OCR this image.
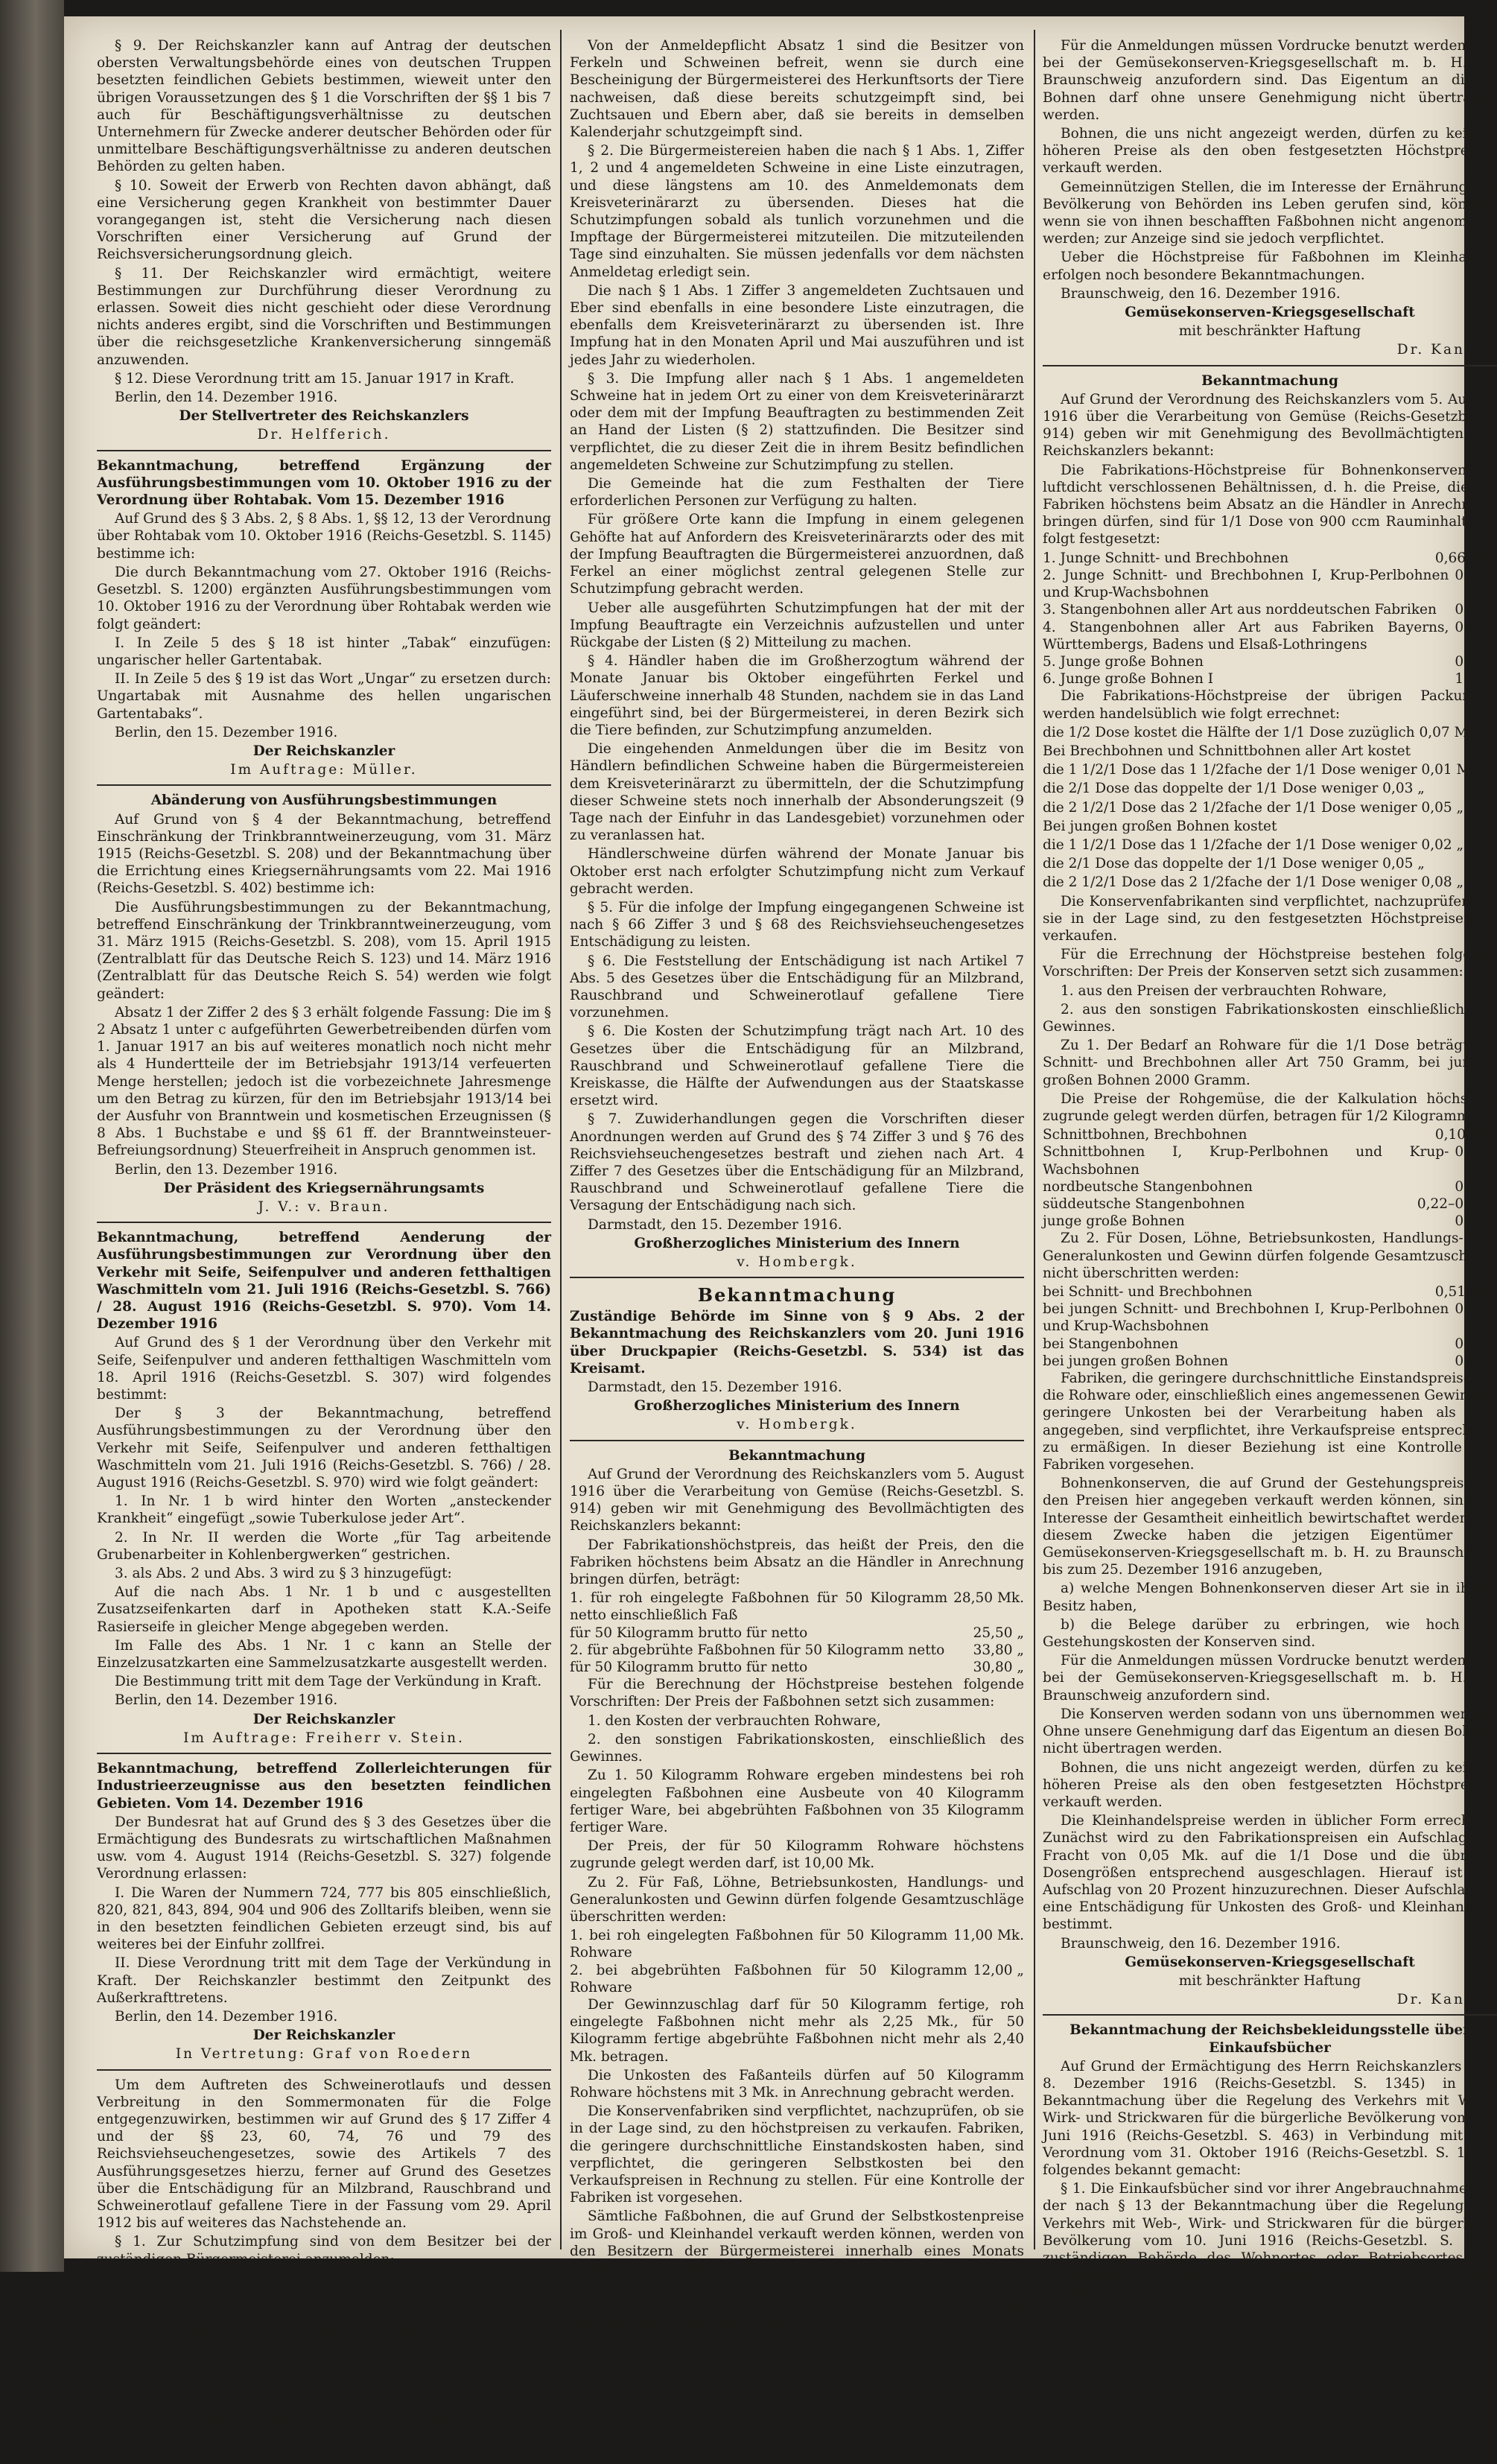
§ 9. Der Reichskanzler kann auf Antrag der deutschen obersten Verwaltungsbehörde eines von deutschen Truppen besetzten feindlichen Gebiets bestimmen, wieweit unter den übrigen Voraussetzungen des § 1 die Vorschriften der §§ 1 bis 7 auch für Beschäftigungsverhältnisse zu deutschen Unternehmern für Zwecke anderer deutscher Behörden oder für unmittelbare Beschäftigungsverhältnisse zu anderen deutschen Behörden zu gelten haben.

§ 10. Soweit der Erwerb von Rechten davon abhängt, daß eine Versicherung gegen Krankheit von bestimmter Dauer vorangegangen ist, steht die Versicherung nach diesen Vorschriften einer Versicherung auf Grund der Reichsversicherungsordnung gleich.

§ 11. Der Reichskanzler wird ermächtigt, weitere Bestimmungen zur Durchführung dieser Verordnung zu erlassen. Soweit dies nicht geschieht oder diese Verordnung nichts anderes ergibt, sind die Vorschriften und Bestimmungen über die reichsgesetzliche Krankenversicherung sinngemäß anzuwenden.

§ 12. Diese Verordnung tritt am 15. Januar 1917 in Kraft.

Berlin, den 14. Dezember 1916.

Der Stellvertreter des Reichskanzlers

Dr. Helfferich.

Bekanntmachung, betreffend Ergänzung der Ausführungsbestimmungen vom 10. Oktober 1916 zu der Verordnung über Rohtabak. Vom 15. Dezember 1916

Auf Grund des § 3 Abs. 2, § 8 Abs. 1, §§ 12, 13 der Verordnung über Rohtabak vom 10. Oktober 1916 (Reichs-Gesetzbl. S. 1145) bestimme ich:

Die durch Bekanntmachung vom 27. Oktober 1916 (Reichs-Gesetzbl. S. 1200) ergänzten Ausführungsbestimmungen vom 10. Oktober 1916 zu der Verordnung über Rohtabak werden wie folgt geändert:

I. In Zeile 5 des § 18 ist hinter „Tabak“ einzufügen: ungarischer heller Gartentabak.

II. In Zeile 5 des § 19 ist das Wort „Ungar“ zu ersetzen durch: Ungartabak mit Ausnahme des hellen ungarischen Gartentabaks“.

Berlin, den 15. Dezember 1916.

Der Reichskanzler

Im Auftrage: Müller.

Abänderung von Ausführungsbestimmungen

Auf Grund von § 4 der Bekanntmachung, betreffend Einschränkung der Trinkbranntweinerzeugung, vom 31. März 1915 (Reichs-Gesetzbl. S. 208) und der Bekanntmachung über die Errichtung eines Kriegsernährungsamts vom 22. Mai 1916 (Reichs-Gesetzbl. S. 402) bestimme ich:

Die Ausführungsbestimmungen zu der Bekanntmachung, betreffend Einschränkung der Trinkbranntweinerzeugung, vom 31. März 1915 (Reichs-Gesetzbl. S. 208), vom 15. April 1915 (Zentralblatt für das Deutsche Reich S. 123) und 14. März 1916 (Zentralblatt für das Deutsche Reich S. 54) werden wie folgt geändert:

Absatz 1 der Ziffer 2 des § 3 erhält folgende Fassung: Die im § 2 Absatz 1 unter c aufgeführten Gewerbetreibenden dürfen vom 1. Januar 1917 an bis auf weiteres monatlich noch nicht mehr als 4 Hundertteile der im Betriebsjahr 1913/14 verfeuerten Menge herstellen; jedoch ist die vorbezeichnete Jahresmenge um den Betrag zu kürzen, für den im Betriebsjahr 1913/14 bei der Ausfuhr von Branntwein und kosmetischen Erzeugnissen (§ 8 Abs. 1 Buchstabe e und §§ 61 ff. der Branntweinsteuer-Befreiungsordnung) Steuerfreiheit in Anspruch genommen ist.

Berlin, den 13. Dezember 1916.

Der Präsident des Kriegsernährungsamts

J. V.: v. Braun.

Bekanntmachung, betreffend Aenderung der Ausführungsbestimmungen zur Verordnung über den Verkehr mit Seife, Seifenpulver und anderen fetthaltigen Waschmitteln vom 21. Juli 1916 (Reichs-Gesetzbl. S. 766) / 28. August 1916 (Reichs-Gesetzbl. S. 970). Vom 14. Dezember 1916

Auf Grund des § 1 der Verordnung über den Verkehr mit Seife, Seifenpulver und anderen fetthaltigen Waschmitteln vom 18. April 1916 (Reichs-Gesetzbl. S. 307) wird folgendes bestimmt:

Der § 3 der Bekanntmachung, betreffend Ausführungsbestimmungen zu der Verordnung über den Verkehr mit Seife, Seifenpulver und anderen fetthaltigen Waschmitteln vom 21. Juli 1916 (Reichs-Gesetzbl. S. 766) / 28. August 1916 (Reichs-Gesetzbl. S. 970) wird wie folgt geändert:

1. In Nr. 1 b wird hinter den Worten „ansteckender Krankheit“ eingefügt „sowie Tuberkulose jeder Art“.

2. In Nr. II werden die Worte „für Tag arbeitende Grubenarbeiter in Kohlenbergwerken“ gestrichen.

3. als Abs. 2 und Abs. 3 wird zu § 3 hinzugefügt:

Auf die nach Abs. 1 Nr. 1 b und c ausgestellten Zusatzseifenkarten darf in Apotheken statt K.A.-Seife Rasierseife in gleicher Menge abgegeben werden.

Im Falle des Abs. 1 Nr. 1 c kann an Stelle der Einzelzusatzkarten eine Sammelzusatzkarte ausgestellt werden.

Die Bestimmung tritt mit dem Tage der Verkündung in Kraft.

Berlin, den 14. Dezember 1916.

Der Reichskanzler

Im Auftrage: Freiherr v. Stein.

Bekanntmachung, betreffend Zollerleichterungen für Industrieerzeugnisse aus den besetzten feindlichen Gebieten. Vom 14. Dezember 1916

Der Bundesrat hat auf Grund des § 3 des Gesetzes über die Ermächtigung des Bundesrats zu wirtschaftlichen Maßnahmen usw. vom 4. August 1914 (Reichs-Gesetzbl. S. 327) folgende Verordnung erlassen:

I. Die Waren der Nummern 724, 777 bis 805 einschließlich, 820, 821, 843, 894, 904 und 906 des Zolltarifs bleiben, wenn sie in den besetzten feindlichen Gebieten erzeugt sind, bis auf weiteres bei der Einfuhr zollfrei.

II. Diese Verordnung tritt mit dem Tage der Verkündung in Kraft. Der Reichskanzler bestimmt den Zeitpunkt des Außerkrafttretens.

Berlin, den 14. Dezember 1916.

Der Reichskanzler

In Vertretung: Graf von Roedern

Um dem Auftreten des Schweinerotlaufs und dessen Verbreitung in den Sommermonaten für die Folge entgegenzuwirken, bestimmen wir auf Grund des § 17 Ziffer 4 und der §§ 23, 60, 74, 76 und 79 des Reichsviehseuchengesetzes, sowie des Artikels 7 des Ausführungsgesetzes hierzu, ferner auf Grund des Gesetzes über die Entschädigung für an Milzbrand, Rauschbrand und Schweinerotlauf gefallene Tiere in der Fassung vom 29. April 1912 bis auf weiteres das Nachstehende an.

§ 1. Zur Schutzimpfung sind von dem Besitzer bei der zuständigen Bürgermeisterei anzumelden:

1. alle in den Monaten Oktober bis Dezember einschließlich geborenen und angekauften Ferkel und Läuferschweine bis zum 5. Januar;

2. alle in einem der Monate Januar bis September geborenen und angekauften Ferkel und Läuferschweine bis zum 5. des darauf folgenden Monats;

3. alle im Lande vorhandenen Zuchtsauen und Eber bis zum 5. April;

4. alle in einem der Monate April bis September in das Land eingeführten Zuchtsauen und Eber bis zum 5. des darauf folgenden Monats;

Von der Anmeldepflicht Absatz 1 sind die Besitzer von Ferkeln und Schweinen befreit, wenn sie durch eine Bescheinigung der Bürgermeisterei des Herkunftsorts der Tiere nachweisen, daß diese bereits schutzgeimpft sind, bei Zuchtsauen und Ebern aber, daß sie bereits in demselben Kalenderjahr schutzgeimpft sind.

§ 2. Die Bürgermeistereien haben die nach § 1 Abs. 1, Ziffer 1, 2 und 4 angemeldeten Schweine in eine Liste einzutragen, und diese längstens am 10. des Anmeldemonats dem Kreisveterinärarzt zu übersenden. Dieses hat die Schutzimpfungen sobald als tunlich vorzunehmen und die Impftage der Bürgermeisterei mitzuteilen. Die mitzuteilenden Tage sind einzuhalten. Sie müssen jedenfalls vor dem nächsten Anmeldetag erledigt sein.

Die nach § 1 Abs. 1 Ziffer 3 angemeldeten Zuchtsauen und Eber sind ebenfalls in eine besondere Liste einzutragen, die ebenfalls dem Kreisveterinärarzt zu übersenden ist. Ihre Impfung hat in den Monaten April und Mai auszuführen und ist jedes Jahr zu wiederholen.

§ 3. Die Impfung aller nach § 1 Abs. 1 angemeldeten Schweine hat in jedem Ort zu einer von dem Kreisveterinärarzt oder dem mit der Impfung Beauftragten zu bestimmenden Zeit an Hand der Listen (§ 2) stattzufinden. Die Besitzer sind verpflichtet, die zu dieser Zeit die in ihrem Besitz befindlichen angemeldeten Schweine zur Schutzimpfung zu stellen.

Die Gemeinde hat die zum Festhalten der Tiere erforderlichen Personen zur Verfügung zu halten.

Für größere Orte kann die Impfung in einem gelegenen Gehöfte hat auf Anfordern des Kreisveterinärarzts oder des mit der Impfung Beauftragten die Bürgermeisterei anzuordnen, daß Ferkel an einer möglichst zentral gelegenen Stelle zur Schutzimpfung gebracht werden.

Ueber alle ausgeführten Schutzimpfungen hat der mit der Impfung Beauftragte ein Verzeichnis aufzustellen und unter Rückgabe der Listen (§ 2) Mitteilung zu machen.

§ 4. Händler haben die im Großherzogtum während der Monate Januar bis Oktober eingeführten Ferkel und Läuferschweine innerhalb 48 Stunden, nachdem sie in das Land eingeführt sind, bei der Bürgermeisterei, in deren Bezirk sich die Tiere befinden, zur Schutzimpfung anzumelden.

Die eingehenden Anmeldungen über die im Besitz von Händlern befindlichen Schweine haben die Bürgermeistereien dem Kreisveterinärarzt zu übermitteln, der die Schutzimpfung dieser Schweine stets noch innerhalb der Absonderungszeit (9 Tage nach der Einfuhr in das Landesgebiet) vorzunehmen oder zu veranlassen hat.

Händlerschweine dürfen während der Monate Januar bis Oktober erst nach erfolgter Schutzimpfung nicht zum Verkauf gebracht werden.

§ 5. Für die infolge der Impfung eingegangenen Schweine ist nach § 66 Ziffer 3 und § 68 des Reichsviehseuchengesetzes Entschädigung zu leisten.

§ 6. Die Feststellung der Entschädigung ist nach Artikel 7 Abs. 5 des Gesetzes über die Entschädigung für an Milzbrand, Rauschbrand und Schweinerotlauf gefallene Tiere vorzunehmen.

§ 6. Die Kosten der Schutzimpfung trägt nach Art. 10 des Gesetzes über die Entschädigung für an Milzbrand, Rauschbrand und Schweinerotlauf gefallene Tiere die Kreiskasse, die Hälfte der Aufwendungen aus der Staatskasse ersetzt wird.

§ 7. Zuwiderhandlungen gegen die Vorschriften dieser Anordnungen werden auf Grund des § 74 Ziffer 3 und § 76 des Reichsviehseuchengesetzes bestraft und ziehen nach Art. 4 Ziffer 7 des Gesetzes über die Entschädigung für an Milzbrand, Rauschbrand und Schweinerotlauf gefallene Tiere die Versagung der Entschädigung nach sich.

Darmstadt, den 15. Dezember 1916.

Großherzogliches Ministerium des Innern

v. Hombergk.

Bekanntmachung

Zuständige Behörde im Sinne von § 9 Abs. 2 der Bekanntmachung des Reichskanzlers vom 20. Juni 1916 über Druckpapier (Reichs-Gesetzbl. S. 534) ist das Kreisamt.

Darmstadt, den 15. Dezember 1916.

Großherzogliches Ministerium des Innern

v. Hombergk.

Bekanntmachung

Auf Grund der Verordnung des Reichskanzlers vom 5. August 1916 über die Verarbeitung von Gemüse (Reichs-Gesetzbl. S. 914) geben wir mit Genehmigung des Bevollmächtigten des Reichskanzlers bekannt:

Der Fabrikationshöchstpreis, das heißt der Preis, den die Fabriken höchstens beim Absatz an die Händler in Anrechnung bringen dürfen, beträgt:

1. für roh eingelegte Faßbohnen für 50 Kilogramm netto einschließlich Faß
28,50 Mk.
für 50 Kilogramm brutto für netto	25,50 „
2. für abgebrühte Faßbohnen für 50 Kilogramm netto	33,80 „
für 50 Kilogramm brutto für netto	30,80 „

Für die Berechnung der Höchstpreise bestehen folgende Vorschriften: Der Preis der Faßbohnen setzt sich zusammen:

1. den Kosten der verbrauchten Rohware,

2. den sonstigen Fabrikationskosten, einschließlich des Gewinnes.

Zu 1. 50 Kilogramm Rohware ergeben mindestens bei roh eingelegten Faßbohnen eine Ausbeute von 40 Kilogramm fertiger Ware, bei abgebrühten Faßbohnen von 35 Kilogramm fertiger Ware.

Der Preis, der für 50 Kilogramm Rohware höchstens zugrunde gelegt werden darf, ist 10,00 Mk.

Zu 2. Für Faß, Löhne, Betriebsunkosten, Handlungs- und Generalunkosten und Gewinn dürfen folgende Gesamtzuschläge überschritten werden:

1. bei roh eingelegten Faßbohnen für 50 Kilogramm Rohware
11,00 Mk.
2. bei abgebrühten Faßbohnen für 50 Kilogramm Rohware
12,00 „

Der Gewinnzuschlag darf für 50 Kilogramm fertige, roh eingelegte Faßbohnen nicht mehr als 2,25 Mk., für 50 Kilogramm fertige abgebrühte Faßbohnen nicht mehr als 2,40 Mk. betragen.

Die Unkosten des Faßanteils dürfen auf 50 Kilogramm Rohware höchstens mit 3 Mk. in Anrechnung gebracht werden.

Die Konservenfabriken sind verpflichtet, nachzuprüfen, ob sie in der Lage sind, zu den höchstpreisen zu verkaufen. Fabriken, die geringere durchschnittliche Einstandskosten haben, sind verpflichtet, die geringeren Selbstkosten bei den Verkaufspreisen in Rechnung zu stellen. Für eine Kontrolle der Fabriken ist vorgesehen.

Sämtliche Faßbohnen, die auf Grund der Selbstkostenpreise im Groß- und Kleinhandel verkauft werden können, werden von den Besitzern der Bürgermeisterei innerhalb eines Monats angemeldet, die bis zum 25. Dezember 1916 anzugeben:

a) welche Mengen Faßbohnen sie in ihrem Besitz haben,

b) die Belege darüber zu erbringen, zu welchen Preisen sie die Faßbohnen erworben haben.

Für die Anmeldungen müssen Vordrucke benutzt werden, die bei der Gemüsekonserven-Kriegsgesellschaft m. b. H. zu Braunschweig anzufordern sind. Das Eigentum an diesen Bohnen darf ohne unsere Genehmigung nicht übertragen werden.

Bohnen, die uns nicht angezeigt werden, dürfen zu keinem höheren Preise als den oben festgesetzten Höchstpreisen verkauft werden.

Gemeinnützigen Stellen, die im Interesse der Ernährung der Bevölkerung von Behörden ins Leben gerufen sind, können, wenn sie von ihnen beschafften Faßbohnen nicht angenommen werden; zur Anzeige sind sie jedoch verpflichtet.

Ueber die Höchstpreise für Faßbohnen im Kleinhandel erfolgen noch besondere Bekanntmachungen.

Braunschweig, den 16. Dezember 1916.

Gemüsekonserven-Kriegsgesellschaft

mit beschränkter Haftung

Dr. Kanter.

Bekanntmachung

Auf Grund der Verordnung des Reichskanzlers vom 5. August 1916 über die Verarbeitung von Gemüse (Reichs-Gesetzbl. S. 914) geben wir mit Genehmigung des Bevollmächtigten des Reichskanzlers bekannt:

Die Fabrikations-Höchstpreise für Bohnenkonserven in luftdicht verschlossenen Behältnissen, d. h. die Preise, die die Fabriken höchstens beim Absatz an die Händler in Anrechnung bringen dürfen, sind für 1/1 Dose von 900 ccm Rauminhalt wie folgt festgesetzt:

1. Junge Schnitt- und Brechbohnen	0,66 Mk.
2. Junge Schnitt- und Brechbohnen I, Krup-Perlbohnen und Krup-Wachsbohnen
0,70 „
3. Stangenbohnen aller Art aus norddeutschen Fabriken	0,75 „
4. Stangenbohnen aller Art aus Fabriken Bayerns, Württembergs, Badens und Elsaß-Lothringens
0,85 „
5. Junge große Bohnen	0,75 „
6. Junge große Bohnen I	1,03 „

Die Fabrikations-Höchstpreise der übrigen Packungen werden handelsüblich wie folgt errechnet:

die 1/2 Dose kostet die Hälfte der 1/1 Dose zuzüglich 0,07 Mk.

Bei Brechbohnen und Schnittbohnen aller Art kostet

die 1 1/2/1 Dose das 1 1/2fache der 1/1 Dose weniger 0,01 Mk.

die 2/1 Dose das doppelte der 1/1 Dose weniger 0,03 „

die 2 1/2/1 Dose das 2 1/2fache der 1/1 Dose weniger 0,05 „

Bei jungen großen Bohnen kostet

die 1 1/2/1 Dose das 1 1/2fache der 1/1 Dose weniger 0,02 „

die 2/1 Dose das doppelte der 1/1 Dose weniger 0,05 „

die 2 1/2/1 Dose das 2 1/2fache der 1/1 Dose weniger 0,08 „

Die Konservenfabrikanten sind verpflichtet, nachzuprüfen, ob sie in der Lage sind, zu den festgesetzten Höchstpreisen zu verkaufen.

Für die Errechnung der Höchstpreise bestehen folgende Vorschriften: Der Preis der Konserven setzt sich zusammen:

1. aus den Preisen der verbrauchten Rohware,

2. aus den sonstigen Fabrikationskosten einschließlich des Gewinnes.

Zu 1. Der Bedarf an Rohware für die 1/1 Dose beträgt bei Schnitt- und Brechbohnen aller Art 750 Gramm, bei jungen großen Bohnen 2000 Gramm.

Die Preise der Rohgemüse, die der Kalkulation höchstens zugrunde gelegt werden dürfen, betragen für 1/2 Kilogramm:

Schnittbohnen, Brechbohnen	0,10 Mk.
Schnittbohnen I, Krup-Perlbohnen und Krup-Wachsbohnen
0,12 „
nordbeutsche Stangenbohnen	0,15 „
süddeutsche Stangenbohnen	0,22–0,23 „
junge große Bohnen	0,10 „

Zu 2. Für Dosen, Löhne, Betriebsunkosten, Handlungs- und Generalunkosten und Gewinn dürfen folgende Gesamtzuschläge nicht überschritten werden:

bei Schnitt- und Brechbohnen	0,51 Mk.
bei jungen Schnitt- und Brechbohnen I, Krup-Perlbohnen und Krup-Wachsbohnen
0,52 „
bei Stangenbohnen	0,53 „
bei jungen großen Bohnen	0,54 „

Fabriken, die geringere durchschnittliche Einstandspreise für die Rohware oder, einschließlich eines angemessenen Gewinnes, geringere Unkosten bei der Verarbeitung haben als hier angegeben, sind verpflichtet, ihre Verkaufspreise entsprechend zu ermäßigen. In dieser Beziehung ist eine Kontrolle der Fabriken vorgesehen.

Bohnenkonserven, die auf Grund der Gestehungspreise zu den Preisen hier angegeben verkauft werden können, sind im Interesse der Gesamtheit einheitlich bewirtschaftet werden. Zu diesem Zwecke haben die jetzigen Eigentümer der Gemüsekonserven-Kriegsgesellschaft m. b. H. zu Braunschweig bis zum 25. Dezember 1916 anzugeben,

a) welche Mengen Bohnenkonserven dieser Art sie in ihrem Besitz haben,

b) die Belege darüber zu erbringen, wie hoch die Gestehungskosten der Konserven sind.

Für die Anmeldungen müssen Vordrucke benutzt werden, die bei der Gemüsekonserven-Kriegsgesellschaft m. b. H. zu Braunschweig anzufordern sind.

Die Konserven werden sodann von uns übernommen werden. Ohne unsere Genehmigung darf das Eigentum an diesen Bohnen nicht übertragen werden.

Bohnen, die uns nicht angezeigt werden, dürfen zu keinem höheren Preise als den oben festgesetzten Höchstpreisen verkauft werden.

Die Kleinhandelspreise werden in üblicher Form errechnet. Zunächst wird zu den Fabrikationspreisen ein Aufschlag für Fracht von 0,05 Mk. auf die 1/1 Dose und die übrigen Dosengrößen entsprechend ausgeschlagen. Hierauf ist ein Aufschlag von 20 Prozent hinzuzurechnen. Dieser Aufschlag ist eine Entschädigung für Unkosten des Groß- und Kleinhandels, bestimmt.

Braunschweig, den 16. Dezember 1916.

Gemüsekonserven-Kriegsgesellschaft

mit beschränkter Haftung

Dr. Kanter.

Bekanntmachung der Reichsbekleidungsstelle über Einkaufsbücher

Auf Grund der Ermächtigung des Herrn Reichskanzlers vom 8. Dezember 1916 (Reichs-Gesetzbl. S. 1345) in der Bekanntmachung über die Regelung des Verkehrs mit Web-, Wirk- und Strickwaren für die bürgerliche Bevölkerung vom 10. Juni 1916 (Reichs-Gesetzbl. S. 463) in Verbindung mit der Verordnung vom 31. Oktober 1916 (Reichs-Gesetzbl. S. 1218) folgendes bekannt gemacht:

§ 1. Die Einkaufsbücher sind vor ihrer Angebrauchnahme von der nach § 13 der Bekanntmachung über die Regelung des Verkehrs mit Web-, Wirk- und Strickwaren für die bürgerliche Bevölkerung vom 10. Juni 1916 (Reichs-Gesetzbl. S. 463) zuständigen Behörde des Wohnortes oder Betriebsortes des Schneiders, der Schneiderin oder des Wandergewerbetreibenden auf dem ersten Blatt abzustempeln.

Diese Behörde kann die Führung mehrerer Einkaufsbücher nur gestatten, falls der Geschäftsbetrieb des Schneiders, der Schneiderin oder des Wandergewerbetreibenden
